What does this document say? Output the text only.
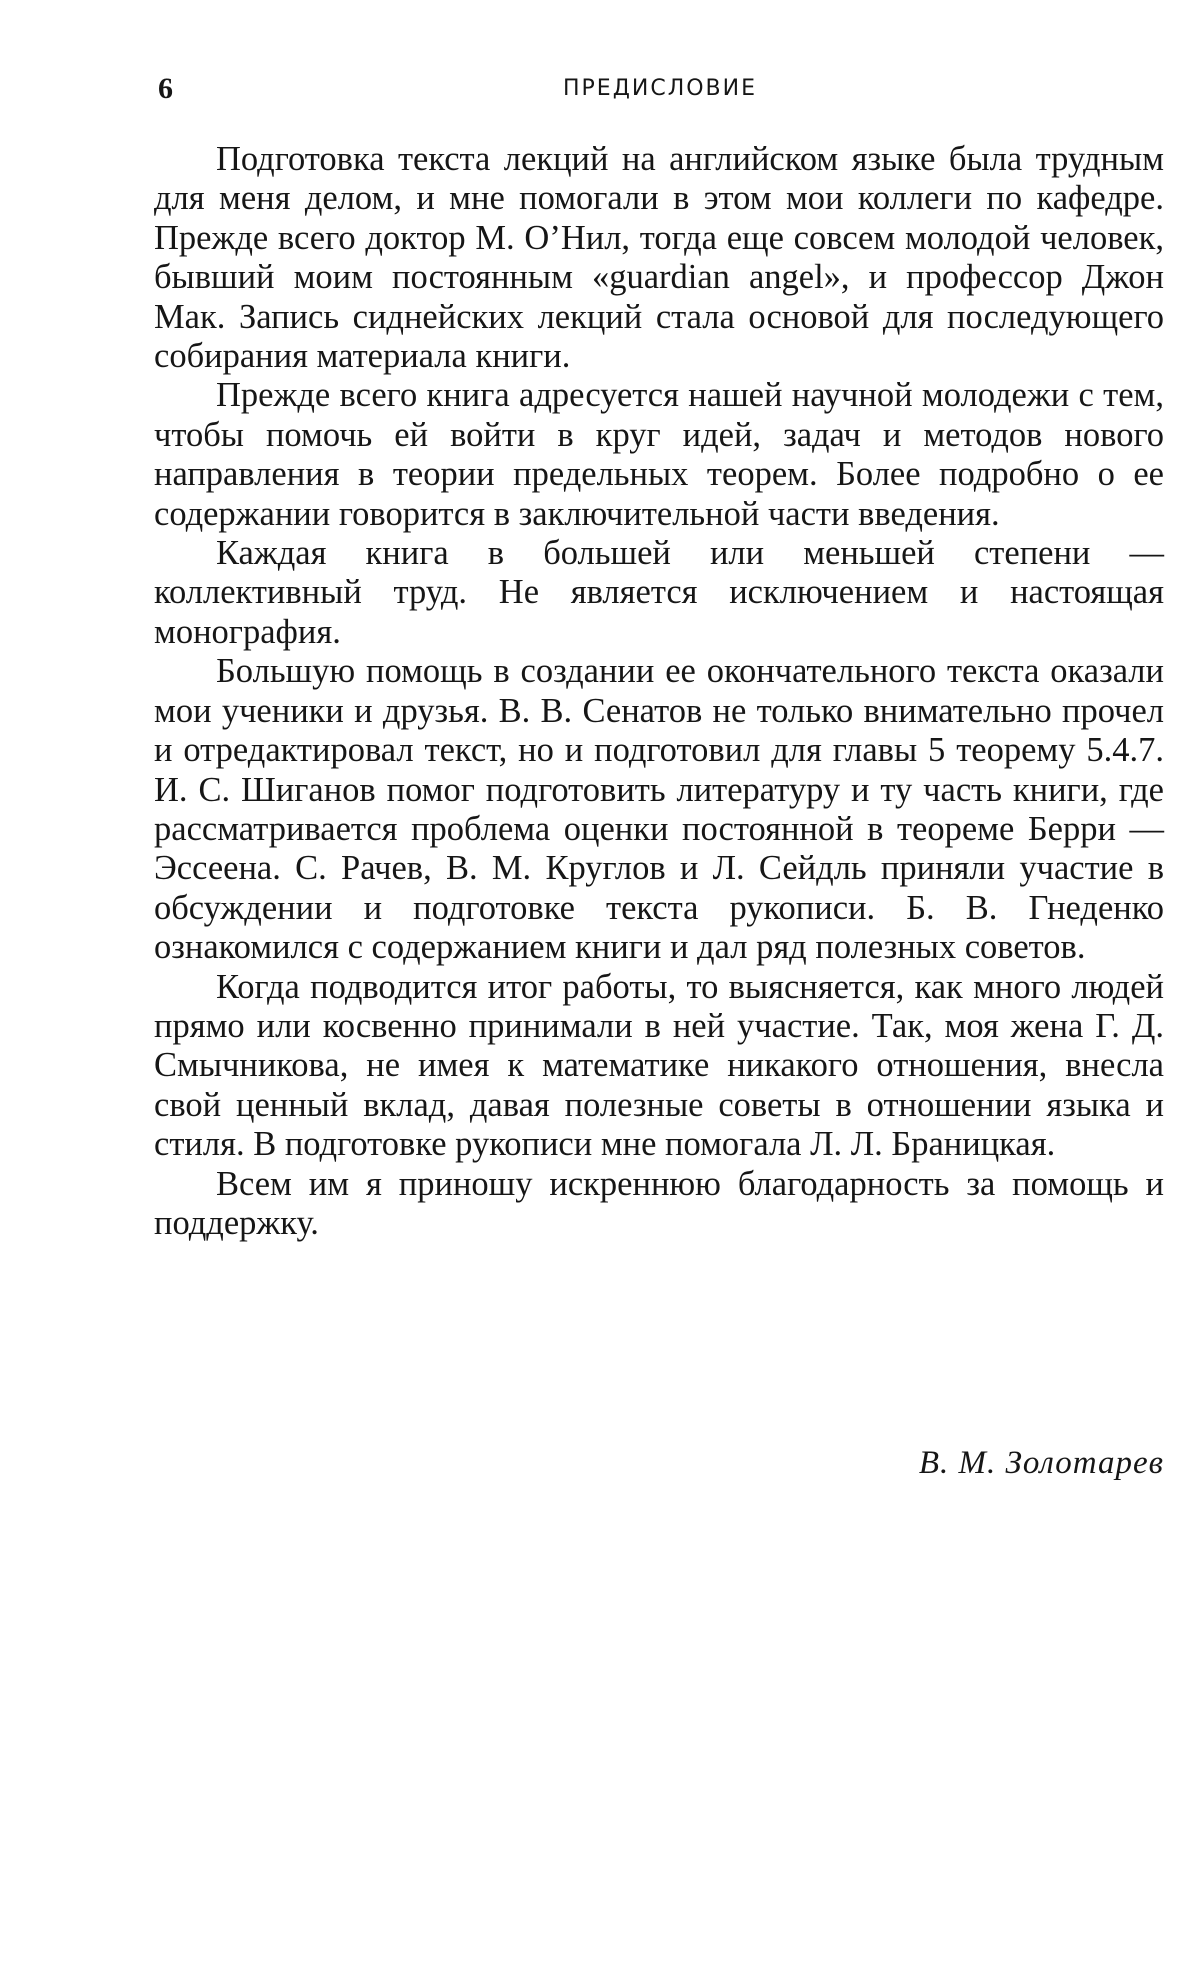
6	ПРЕДИСЛОВИЕ

Подготовка текста лекций на английском языке была трудным для меня делом, и мне помогали в этом мои коллеги по кафедре. Прежде всего доктор М. О’Нил, тогда еще совсем молодой человек, бывший моим постоянным «guardian angel», и профессор Джон Мак. Запись сиднейских лекций стала основой для последующего собирания материала книги.

Прежде всего книга адресуется нашей научной молодежи с тем, чтобы помочь ей войти в круг идей, задач и методов нового направления в теории предельных теорем. Более подробно о ее содержании говорится в заключительной части введения.

Каждая книга в большей или меньшей степени — коллективный труд. Не является исключением и настоящая монография.

Большую помощь в создании ее окончательного текста оказали мои ученики и друзья. В. В. Сенатов не только внимательно прочел и отредактировал текст, но и подготовил для главы 5 теорему 5.4.7. И. С. Шиганов помог подготовить литературу и ту часть книги, где рассматривается проблема оценки постоянной в теореме Берри — Эссеена. С. Рачев, В. М. Круглов и Л. Сейдль приняли участие в обсуждении и подготовке текста рукописи. Б. В. Гнеденко ознакомился с содержанием книги и дал ряд полезных советов.

Когда подводится итог работы, то выясняется, как много людей прямо или косвенно принимали в ней участие. Так, моя жена Г. Д. Смычникова, не имея к математике никакого отношения, внесла свой ценный вклад, давая полезные советы в отношении языка и стиля. В подготовке рукописи мне помогала Л. Л. Браницкая.

Всем им я приношу искреннюю благодарность за помощь и поддержку.

В. М. Золотарев
